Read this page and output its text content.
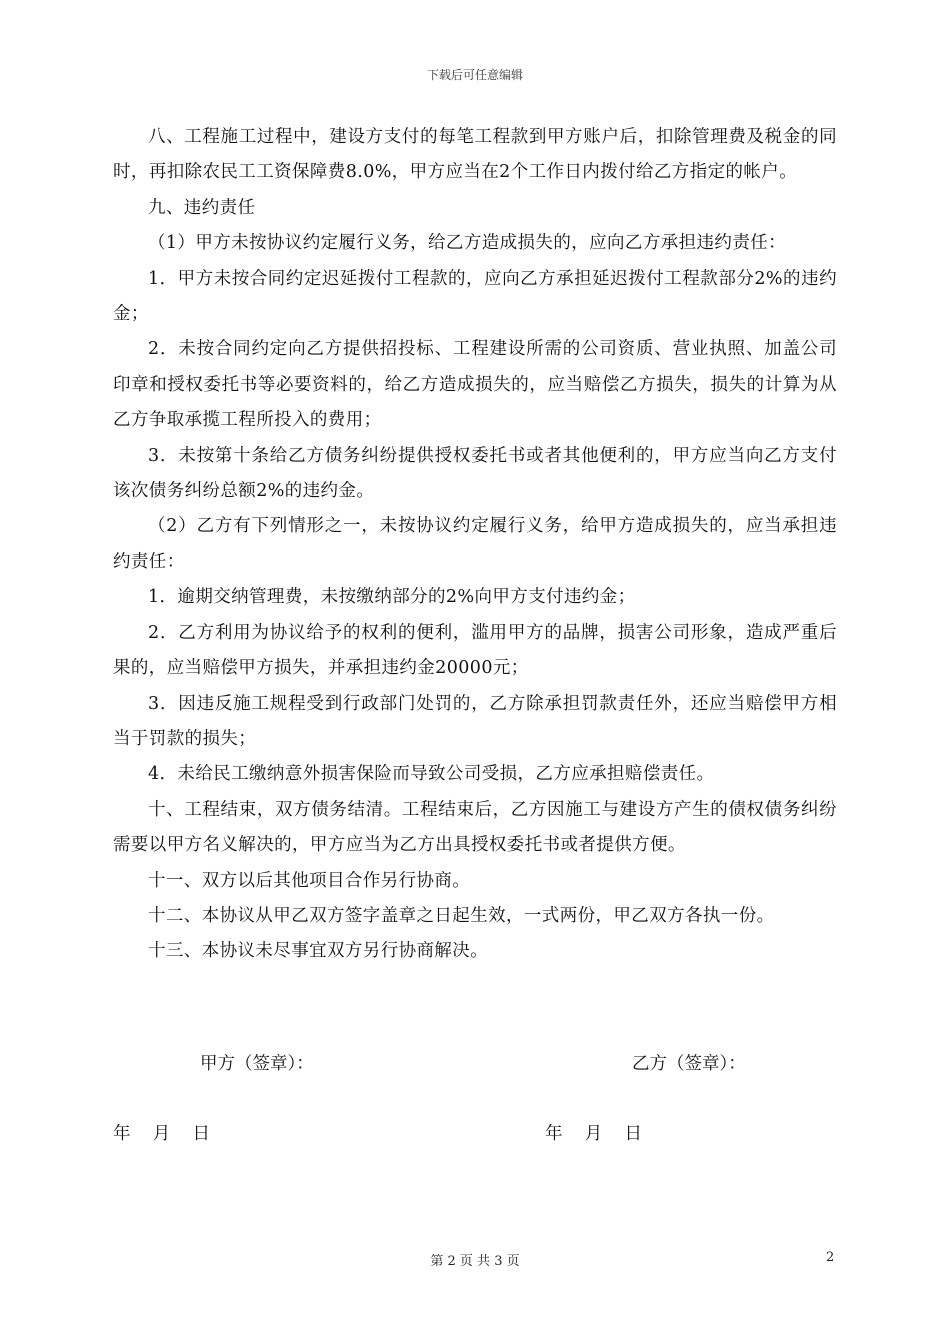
下载后可任意编辑

八、工程施工过程中，建设方支付的每笔工程款到甲方账户后，扣除管理费及税金的同时，再扣除农民工工资保障费8.0%，甲方应当在2个工作日内拨付给乙方指定的帐户。

九、违约责任

（1）甲方未按协议约定履行义务，给乙方造成损失的，应向乙方承担违约责任：

1．甲方未按合同约定迟延拨付工程款的，应向乙方承担延迟拨付工程款部分2%的违约金；

2．未按合同约定向乙方提供招投标、工程建设所需的公司资质、营业执照、加盖公司印章和授权委托书等必要资料的，给乙方造成损失的，应当赔偿乙方损失，损失的计算为从乙方争取承揽工程所投入的费用；

3．未按第十条给乙方债务纠纷提供授权委托书或者其他便利的，甲方应当向乙方支付该次债务纠纷总额2%的违约金。

（2）乙方有下列情形之一，未按协议约定履行义务，给甲方造成损失的，应当承担违约责任：

1．逾期交纳管理费，未按缴纳部分的2%向甲方支付违约金；

2．乙方利用为协议给予的权利的便利，滥用甲方的品牌，损害公司形象，造成严重后果的，应当赔偿甲方损失，并承担违约金20000元；

3．因违反施工规程受到行政部门处罚的，乙方除承担罚款责任外，还应当赔偿甲方相当于罚款的损失；

4．未给民工缴纳意外损害保险而导致公司受损，乙方应承担赔偿责任。

十、工程结束，双方债务结清。工程结束后，乙方因施工与建设方产生的债权债务纠纷需要以甲方名义解决的，甲方应当为乙方出具授权委托书或者提供方便。

十一、双方以后其他项目合作另行协商。

十二、本协议从甲乙双方签字盖章之日起生效，一式两份，甲乙双方各执一份。

十三、本协议未尽事宜双方另行协商解决。

甲方（签章）：	乙方（签章）：
年    月    日	年    月    日
第 2 页 共 3 页	2
